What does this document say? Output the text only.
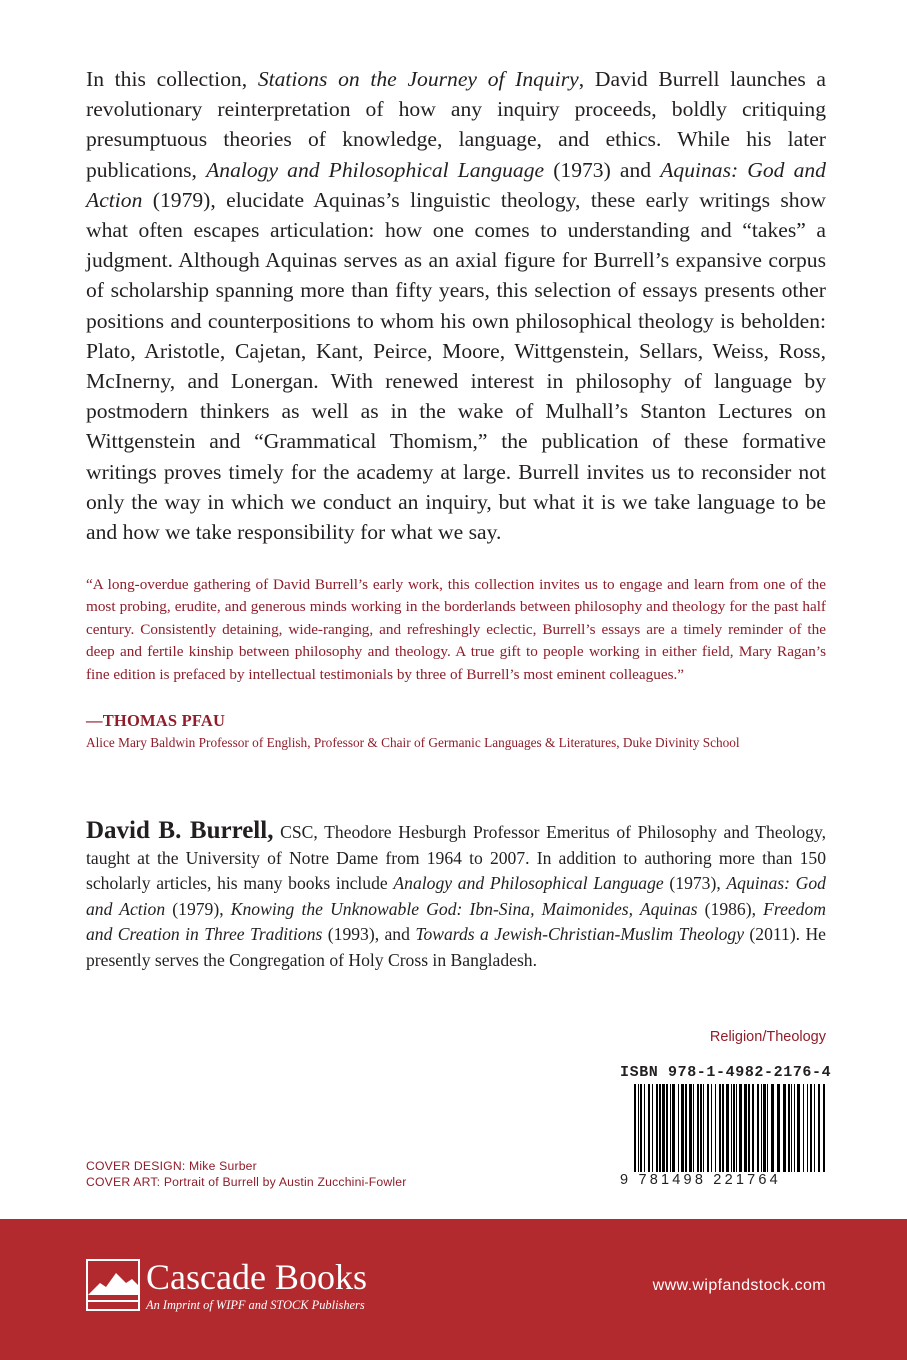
In this collection, Stations on the Journey of Inquiry, David Burrell launches a revolutionary reinterpretation of how any inquiry proceeds, boldly critiquing presumptuous theories of knowledge, language, and ethics. While his later publications, Analogy and Philosophical Language (1973) and Aquinas: God and Action (1979), elucidate Aquinas’s linguistic theology, these early writings show what often escapes articulation: how one comes to understanding and “takes” a judgment. Although Aquinas serves as an axial figure for Burrell’s expansive corpus of scholarship spanning more than fifty years, this selection of essays presents other positions and counterpositions to whom his own philosophical theology is beholden: Plato, Aristotle, Cajetan, Kant, Peirce, Moore, Wittgenstein, Sellars, Weiss, Ross, McInerny, and Lonergan. With renewed interest in philosophy of language by postmodern thinkers as well as in the wake of Mulhall’s Stanton Lectures on Wittgenstein and “Grammatical Thomism,” the publication of these formative writings proves timely for the academy at large. Burrell invites us to reconsider not only the way in which we conduct an inquiry, but what it is we take language to be and how we take responsibility for what we say.
“A long-overdue gathering of David Burrell’s early work, this collection invites us to engage and learn from one of the most probing, erudite, and generous minds working in the borderlands between philosophy and theology for the past half century. Consistently detaining, wide-ranging, and refreshingly eclectic, Burrell’s essays are a timely reminder of the deep and fertile kinship between philosophy and theology. A true gift to people working in either field, Mary Ragan’s fine edition is prefaced by intellectual testimonials by three of Burrell’s most eminent colleagues.”
—THOMAS PFAU
Alice Mary Baldwin Professor of English, Professor & Chair of Germanic Languages & Literatures, Duke Divinity School
David B. Burrell, CSC, Theodore Hesburgh Professor Emeritus of Philosophy and Theology, taught at the University of Notre Dame from 1964 to 2007. In addition to authoring more than 150 scholarly articles, his many books include Analogy and Philosophical Language (1973), Aquinas: God and Action (1979), Knowing the Unknowable God: Ibn-Sina, Maimonides, Aquinas (1986), Freedom and Creation in Three Traditions (1993), and Towards a Jewish-Christian-Muslim Theology (2011). He presently serves the Congregation of Holy Cross in Bangladesh.
Religion/Theology
COVER DESIGN: Mike Surber
COVER ART: Portrait of Burrell by Austin Zucchini-Fowler
ISBN 978-1-4982-2176-4
9 781498 221764
Cascade Books
An Imprint of WIPF and STOCK Publishers
www.wipfandstock.com
